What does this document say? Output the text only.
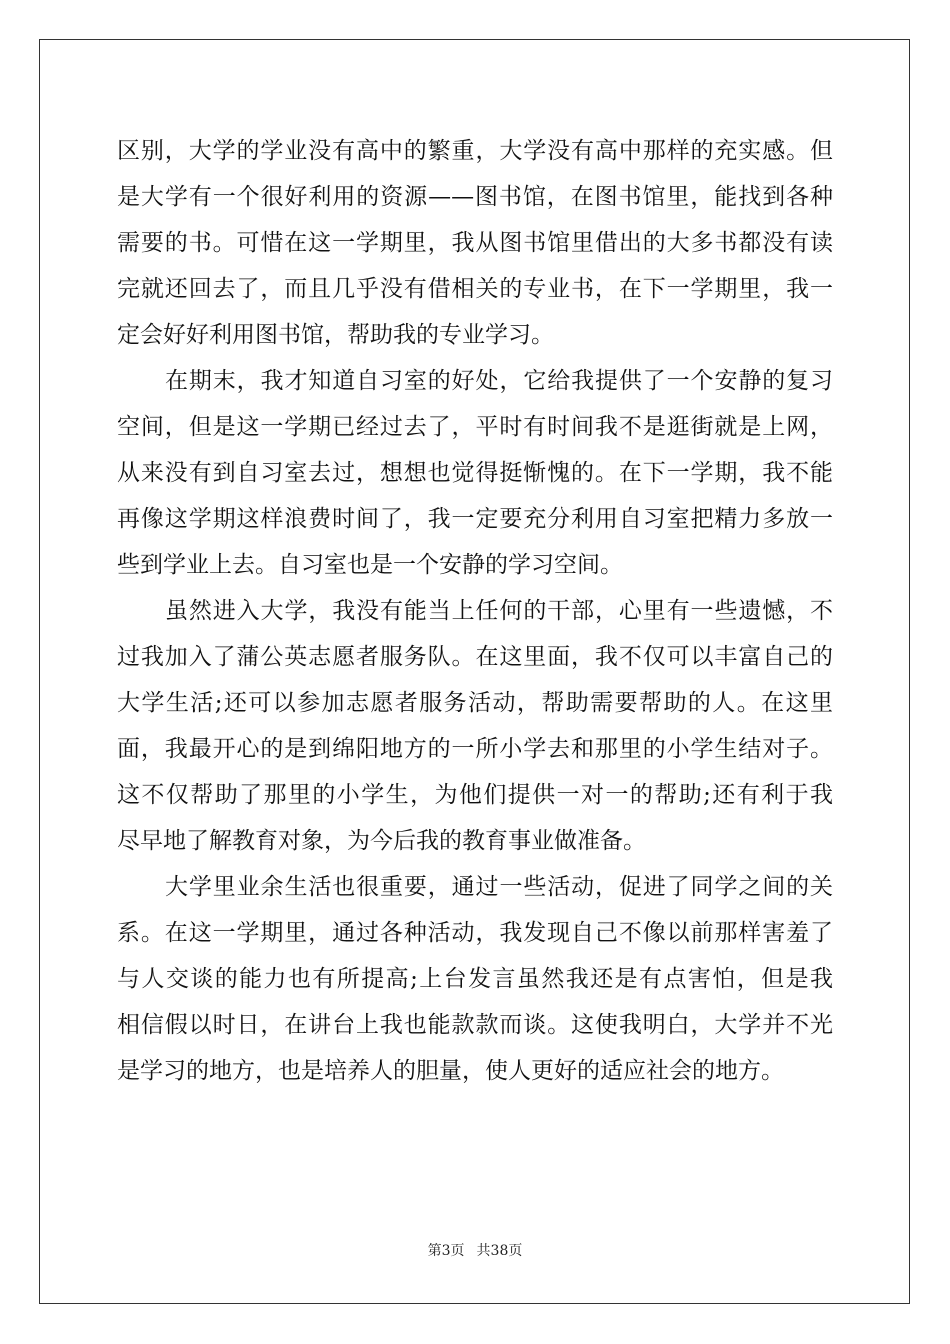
区别，大学的学业没有高中的繁重，大学没有高中那样的充实感。但
是大学有一个很好利用的资源——图书馆，在图书馆里，能找到各种
需要的书。可惜在这一学期里，我从图书馆里借出的大多书都没有读
完就还回去了，而且几乎没有借相关的专业书，在下一学期里，我一
定会好好利用图书馆，帮助我的专业学习。
在期末，我才知道自习室的好处，它给我提供了一个安静的复习
空间，但是这一学期已经过去了，平时有时间我不是逛街就是上网，
从来没有到自习室去过，想想也觉得挺惭愧的。在下一学期，我不能
再像这学期这样浪费时间了，我一定要充分利用自习室把精力多放一
些到学业上去。自习室也是一个安静的学习空间。
虽然进入大学，我没有能当上任何的干部，心里有一些遗憾，不
过我加入了蒲公英志愿者服务队。在这里面，我不仅可以丰富自己的
大学生活;还可以参加志愿者服务活动，帮助需要帮助的人。在这里
面，我最开心的是到绵阳地方的一所小学去和那里的小学生结对子。
这不仅帮助了那里的小学生，为他们提供一对一的帮助;还有利于我
尽早地了解教育对象，为今后我的教育事业做准备。
大学里业余生活也很重要，通过一些活动，促进了同学之间的关
系。在这一学期里，通过各种活动，我发现自己不像以前那样害羞了
与人交谈的能力也有所提高;上台发言虽然我还是有点害怕，但是我
相信假以时日，在讲台上我也能款款而谈。这使我明白，大学并不光
是学习的地方，也是培养人的胆量，使人更好的适应社会的地方。
第3页 共38页
